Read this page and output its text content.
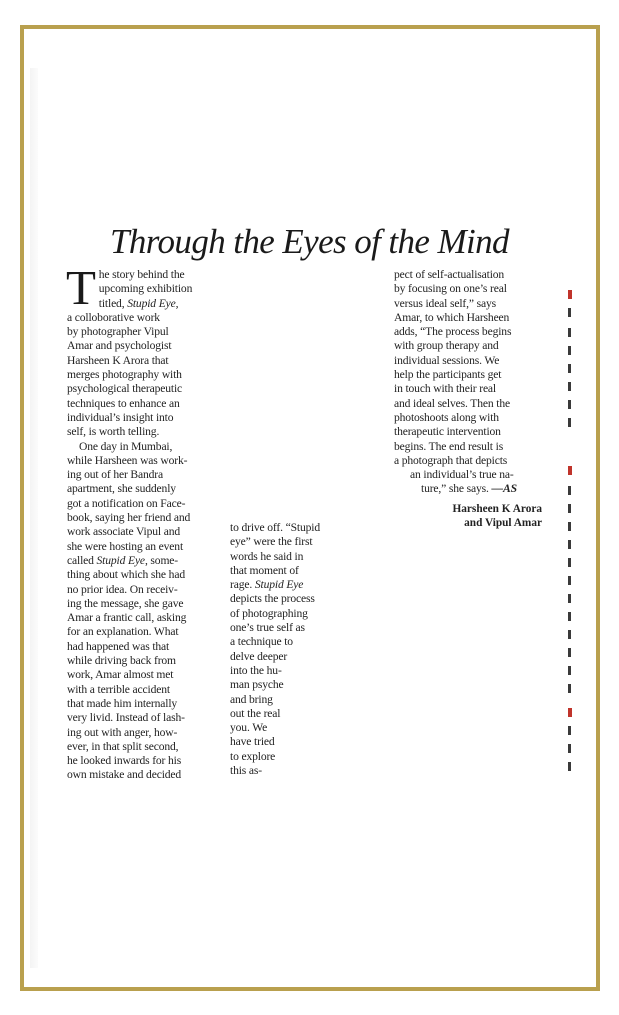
Through the Eyes of the Mind
T he story behind the
upcoming exhibition
titled, Stupid Eye,
a colloborative work
by photographer Vipul
Amar and psychologist
Harsheen K Arora that
merges photography with
psychological therapeutic
techniques to enhance an
individual’s insight into
self, is worth telling.
One day in Mumbai,
while Harsheen was work-
ing out of her Bandra
apartment, she suddenly
got a notification on Face-
book, saying her friend and
work associate Vipul and
she were hosting an event
called Stupid Eye, some-
thing about which she had
no prior idea. On receiv-
ing the message, she gave
Amar a frantic call, asking
for an explanation. What
had happened was that
while driving back from
work, Amar almost met
with a terrible accident
that made him internally
very livid. Instead of lash-
ing out with anger, how-
ever, in that split second,
he looked inwards for his
own mistake and decided
to drive off. “Stupid
eye” were the first
words he said in
that moment of
rage. Stupid Eye
depicts the process
of photographing
one’s true self as
a technique to
delve deeper
into the hu-
man psyche
and bring
out the real
you. We
have tried
to explore
this as-
pect of self-actualisation
by focusing on one’s real
versus ideal self,” says
Amar, to which Harsheen
adds, “The process begins
with group therapy and
individual sessions. We
help the participants get
in touch with their real
and ideal selves. Then the
photoshoots along with
therapeutic intervention
begins. The end result is
a photograph that depicts
an individual’s true na-
ture,” she says. —AS
Harsheen K Arora
and Vipul Amar
